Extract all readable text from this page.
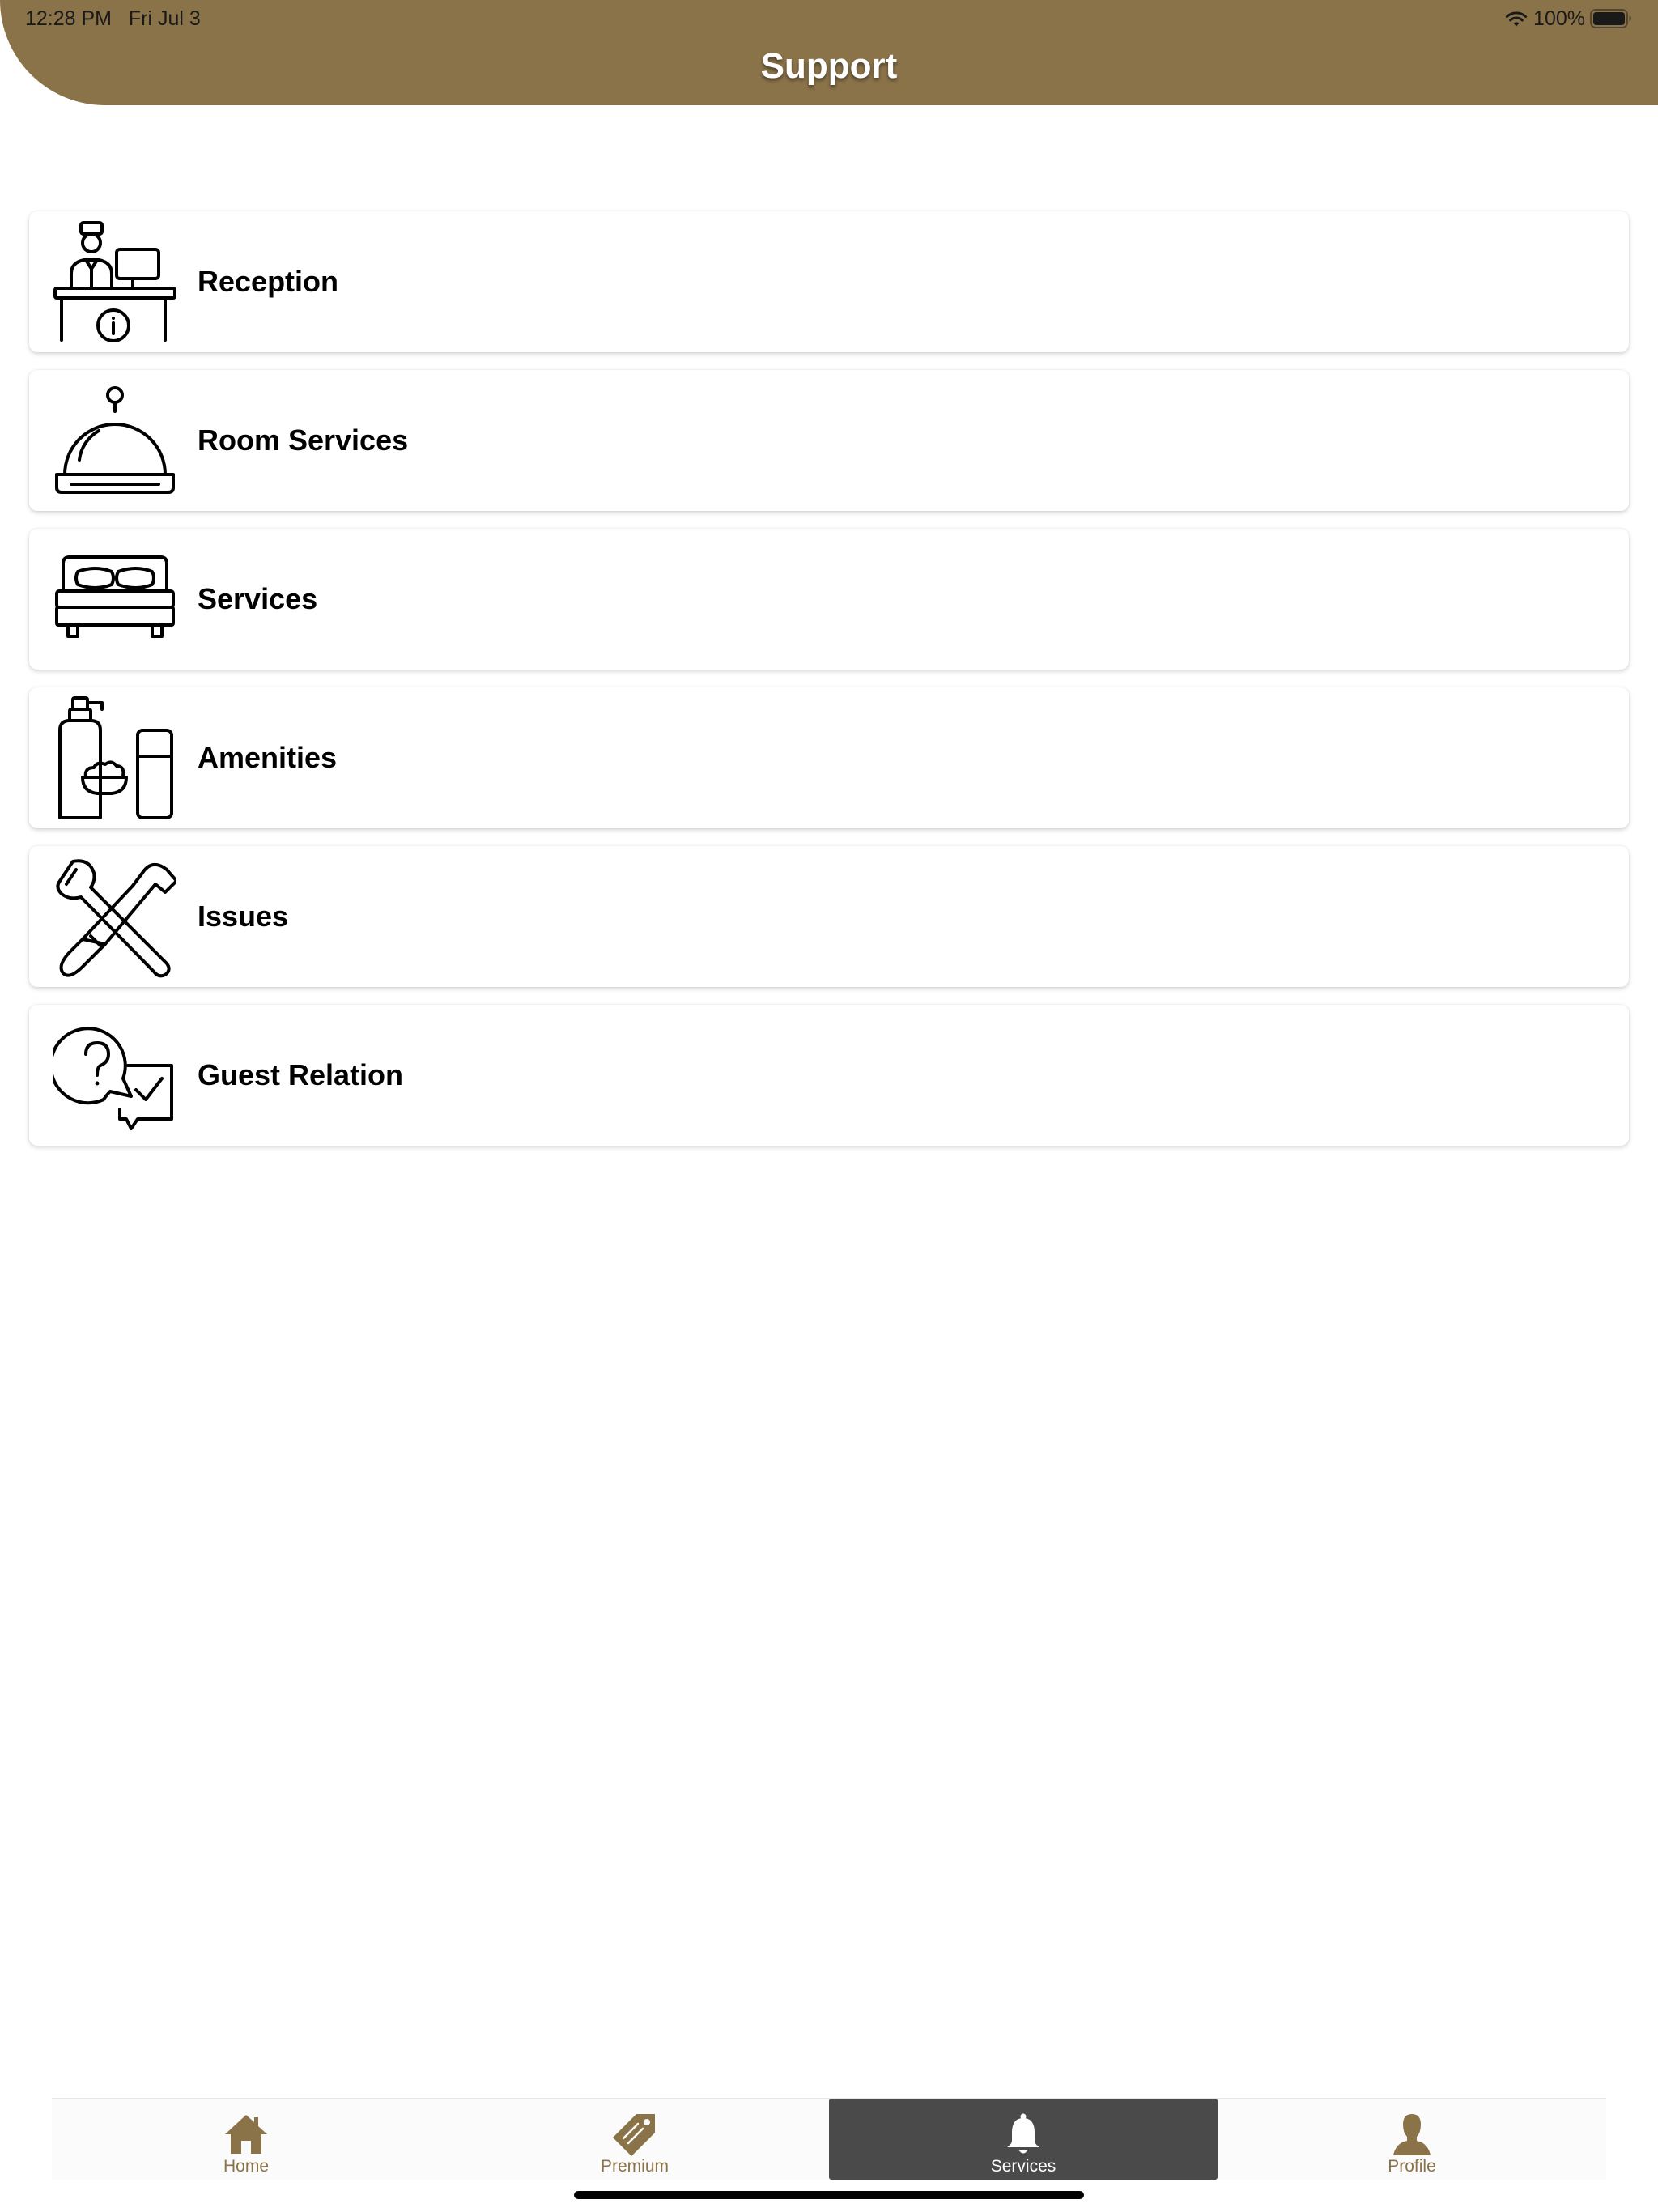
12:28 PM   Fri Jul 3	100%
Support
Reception
Room Services
Services
Amenities
Issues
Guest Relation
Home	Premium	Services	Profile
